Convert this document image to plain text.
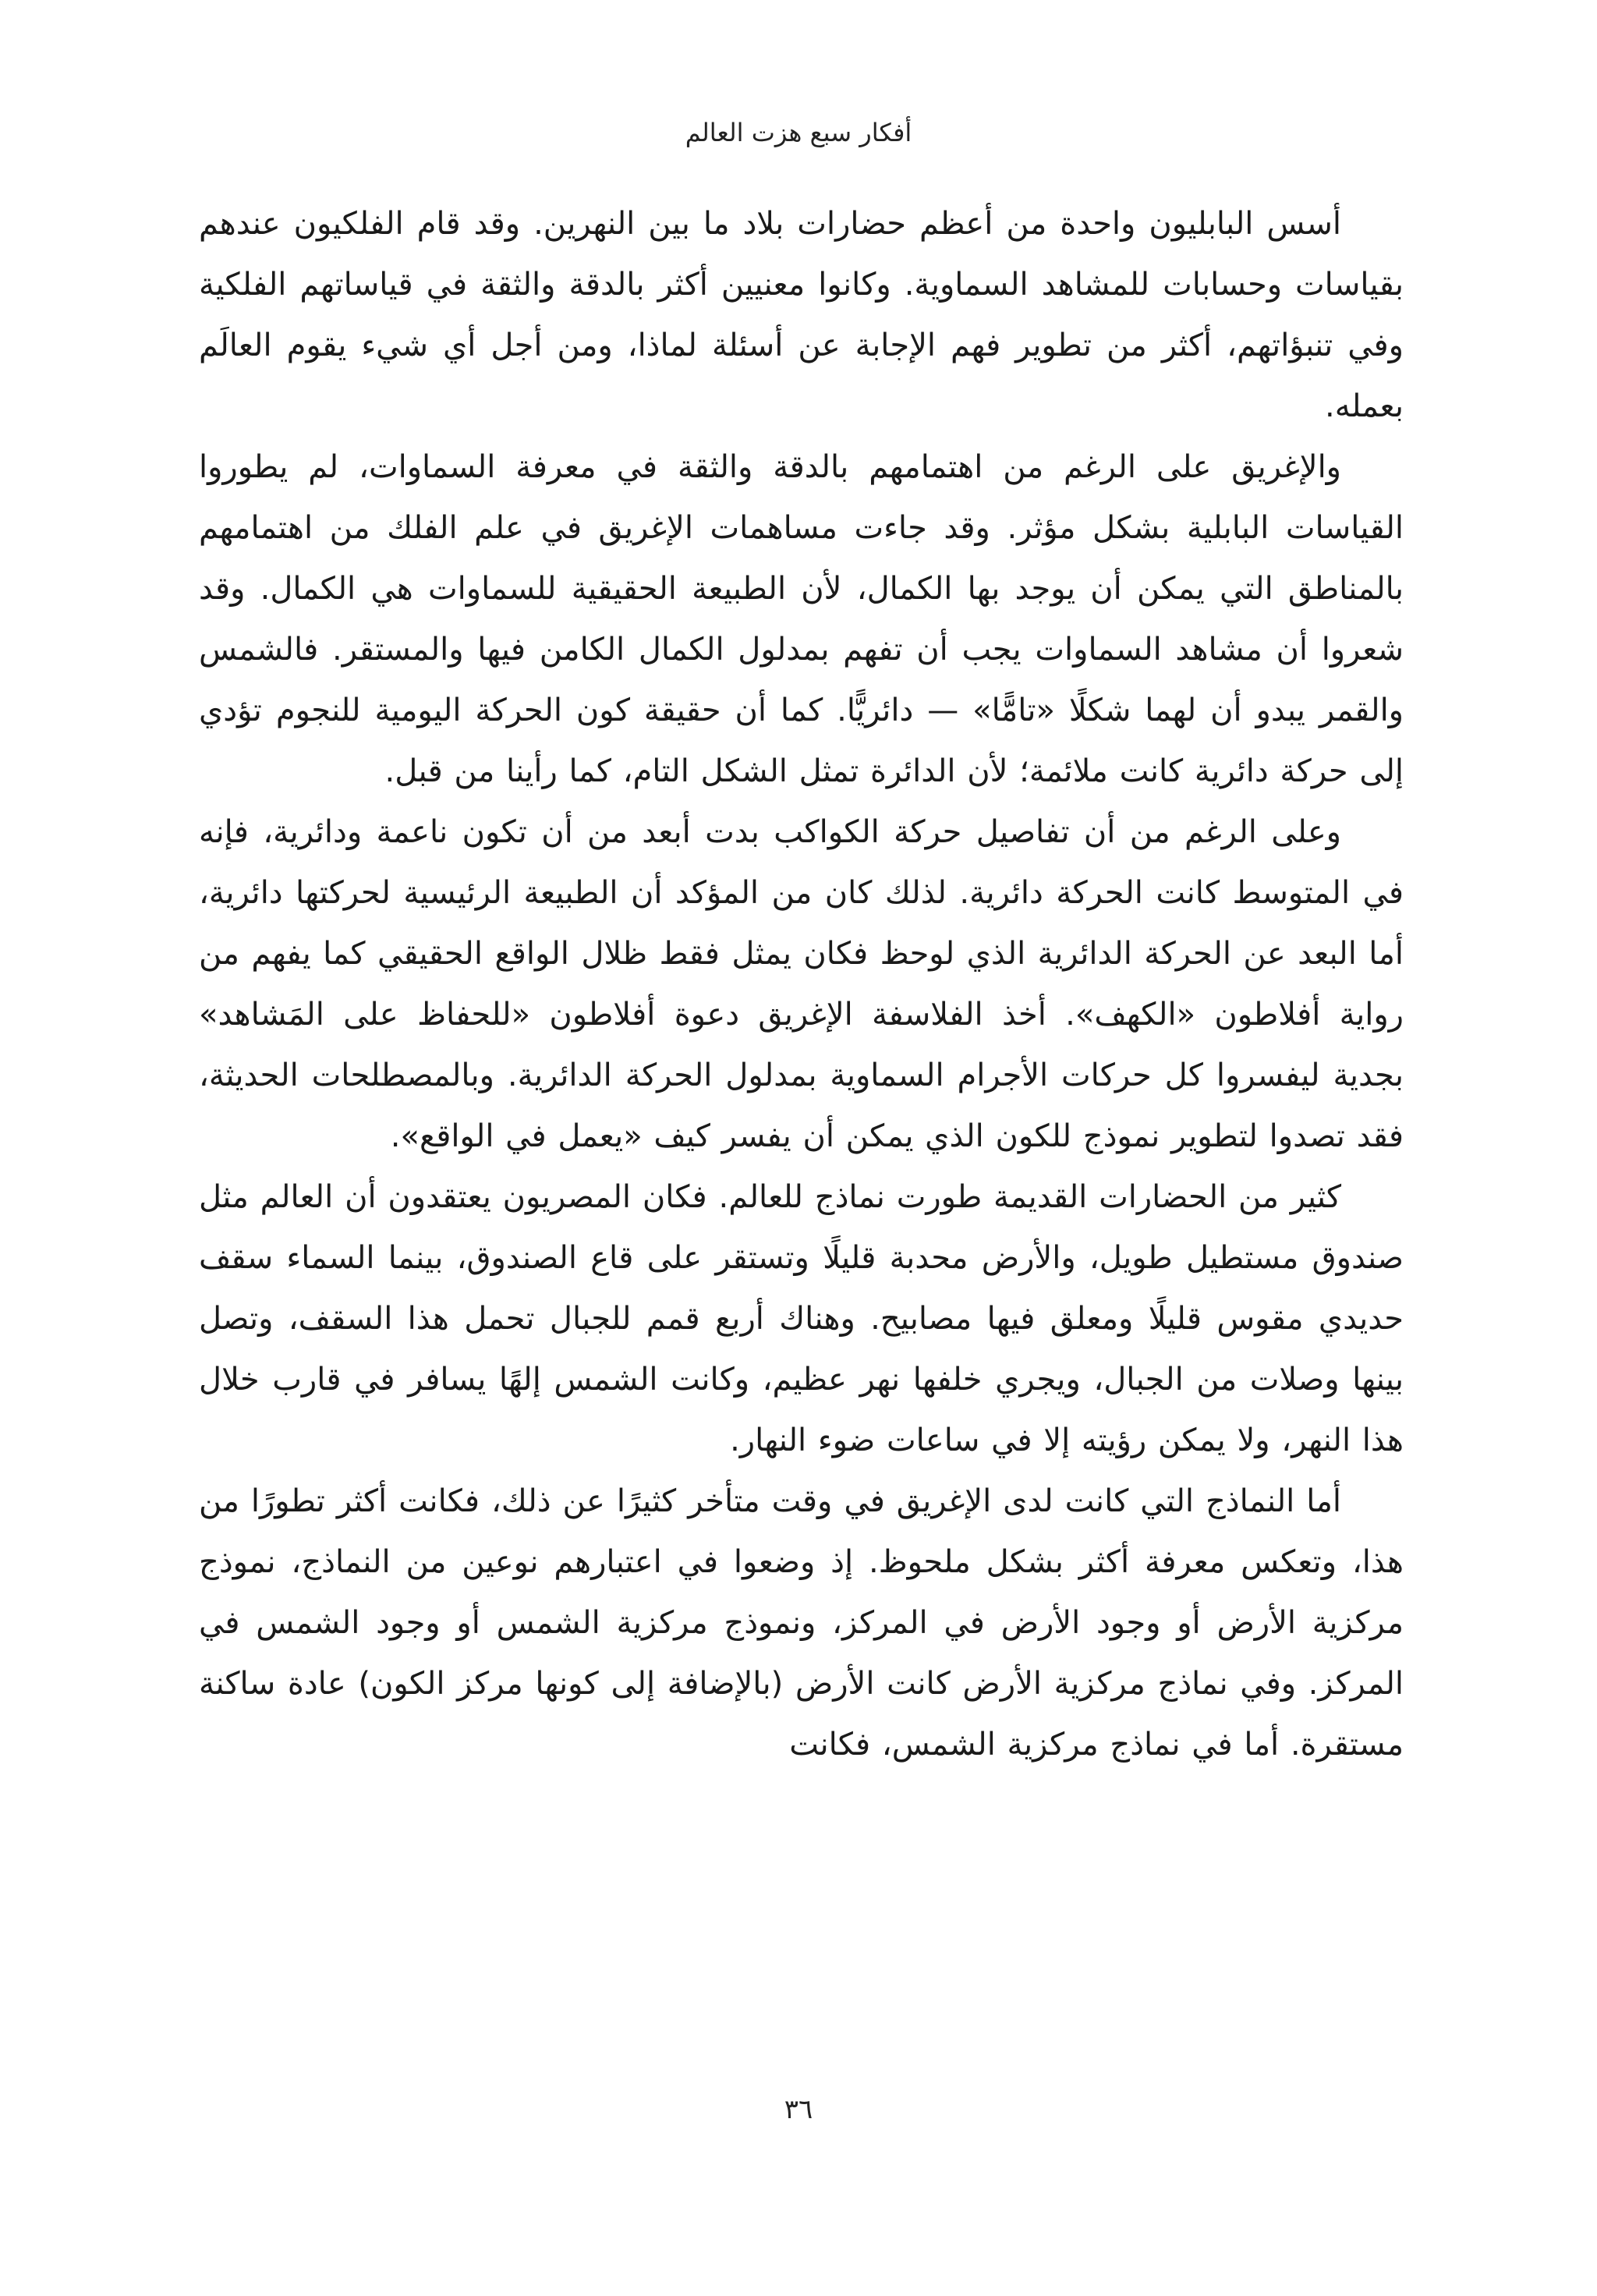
أفكار سبع هزت العالم

أسس البابليون واحدة من أعظم حضارات بلاد ما بين النهرين. وقد قام الفلكيون عندهم بقياسات وحسابات للمشاهد السماوية. وكانوا معنيين أكثر بالدقة والثقة في قياساتهم الفلكية وفي تنبؤاتهم، أكثر من تطوير فهم الإجابة عن أسئلة لماذا، ومن أجل أي شيء يقوم العالَم بعمله.

والإغريق على الرغم من اهتمامهم بالدقة والثقة في معرفة السماوات، لم يطوروا القياسات البابلية بشكل مؤثر. وقد جاءت مساهمات الإغريق في علم الفلك من اهتمامهم بالمناطق التي يمكن أن يوجد بها الكمال، لأن الطبيعة الحقيقية للسماوات هي الكمال. وقد شعروا أن مشاهد السماوات يجب أن تفهم بمدلول الكمال الكامن فيها والمستقر. فالشمس والقمر يبدو أن لهما شكلًا «تامًّا» — دائريًّا. كما أن حقيقة كون الحركة اليومية للنجوم تؤدي إلى حركة دائرية كانت ملائمة؛ لأن الدائرة تمثل الشكل التام، كما رأينا من قبل.

وعلى الرغم من أن تفاصيل حركة الكواكب بدت أبعد من أن تكون ناعمة ودائرية، فإنه في المتوسط كانت الحركة دائرية. لذلك كان من المؤكد أن الطبيعة الرئيسية لحركتها دائرية، أما البعد عن الحركة الدائرية الذي لوحظ فكان يمثل فقط ظلال الواقع الحقيقي كما يفهم من رواية أفلاطون «الكهف». أخذ الفلاسفة الإغريق دعوة أفلاطون «للحفاظ على المَشاهد» بجدية ليفسروا كل حركات الأجرام السماوية بمدلول الحركة الدائرية. وبالمصطلحات الحديثة، فقد تصدوا لتطوير نموذج للكون الذي يمكن أن يفسر كيف «يعمل في الواقع».

كثير من الحضارات القديمة طورت نماذج للعالم. فكان المصريون يعتقدون أن العالم مثل صندوق مستطيل طويل، والأرض محدبة قليلًا وتستقر على قاع الصندوق، بينما السماء سقف حديدي مقوس قليلًا ومعلق فيها مصابيح. وهناك أربع قمم للجبال تحمل هذا السقف، وتصل بينها وصلات من الجبال، ويجري خلفها نهر عظيم، وكانت الشمس إلهًا يسافر في قارب خلال هذا النهر، ولا يمكن رؤيته إلا في ساعات ضوء النهار.

أما النماذج التي كانت لدى الإغريق في وقت متأخر كثيرًا عن ذلك، فكانت أكثر تطورًا من هذا، وتعكس معرفة أكثر بشكل ملحوظ. إذ وضعوا في اعتبارهم نوعين من النماذج، نموذج مركزية الأرض أو وجود الأرض في المركز، ونموذج مركزية الشمس أو وجود الشمس في المركز. وفي نماذج مركزية الأرض كانت الأرض (بالإضافة إلى كونها مركز الكون) عادة ساكنة مستقرة. أما في نماذج مركزية الشمس، فكانت

٣٦
